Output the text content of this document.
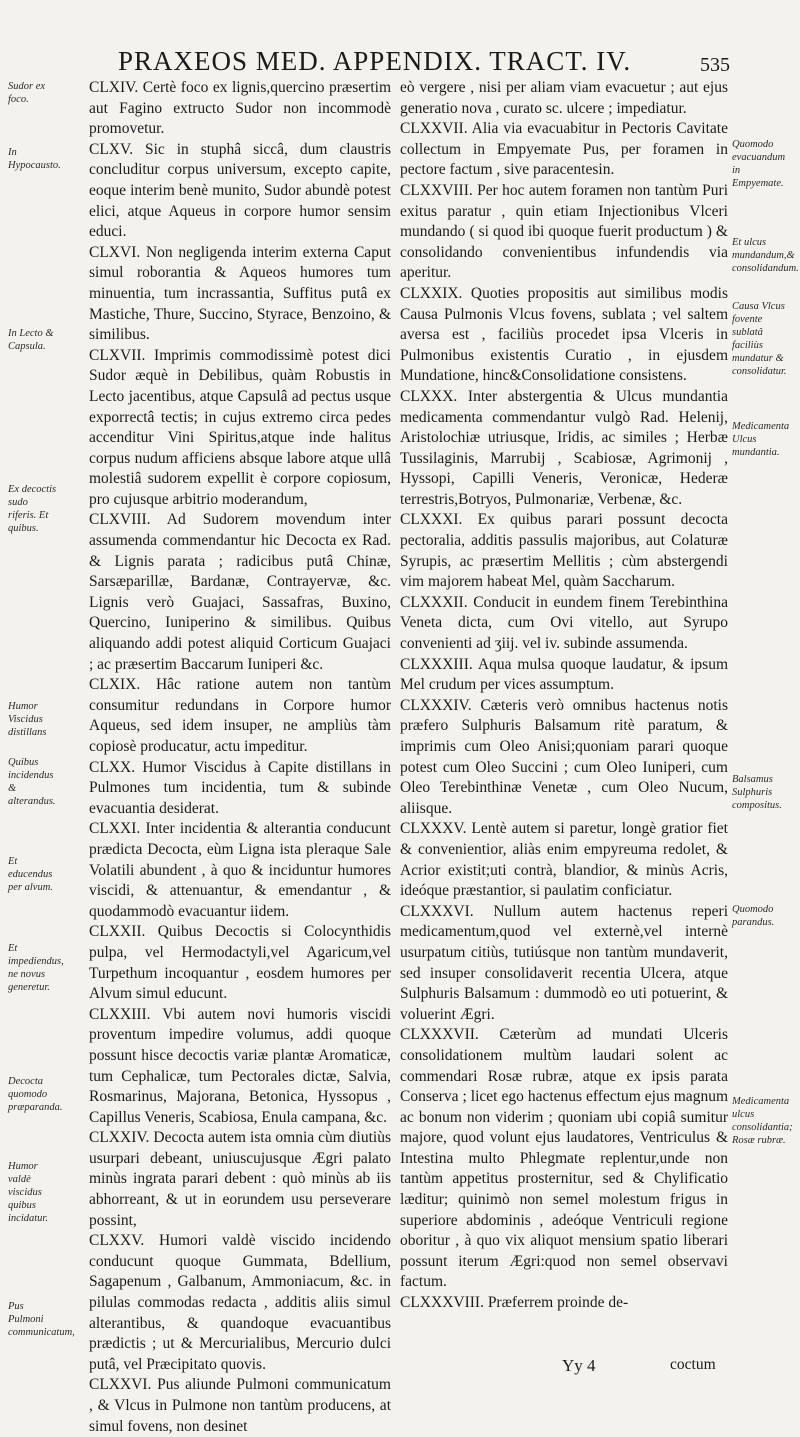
PRAXEOS MED. APPENDIX. TRACT. IV.	535
Sudor ex foco.
In Hypocausto.
In Lecto & Capsula.
Ex decoctis sudo riferis. Et quibus.
Humor Viscidus distillans
Quibus incidendus & alterandus.
Et educendus per alvum.
Et impediendus, ne novus generetur.
Decocta quomodo præparanda.
Humor valdè viscidus quibus incidatur.
Pus Pulmoni communicatum,
Quomodo evacuandum in Empyemate.
Et ulcus mundandum,& consolidandum.
Causa Vlcus fovente sublatâ faciliùs mundatur & consolidatur.
Medicamenta Ulcus mundantia.
Balsamus Sulphuris compositus.
Quomodo parandus.
Medicamenta ulcus consolidantia; Rosæ rubræ.

CLXIV. Certè foco ex lignis,quercino præsertim aut Fagino extructo Sudor non incommodè promovetur.

CLXV. Sic in stuphâ siccâ, dum claustris concluditur corpus universum, excepto capite, eoque interim benè munito, Sudor abundè potest elici, atque Aqueus in corpore humor sensim educi.

CLXVI. Non negligenda interim externa Caput simul roborantia & Aqueos humores tum minuentia, tum incrassantia, Suffitus putâ ex Mastiche, Thure, Succino, Styrace, Benzoino, & similibus.

CLXVII. Imprimis commodissimè potest dici Sudor æquè in Debilibus, quàm Robustis in Lecto jacentibus, atque Capsulâ ad pectus usque exporrectâ tectis; in cujus extremo circa pedes accenditur Vini Spiritus,atque inde halitus corpus nudum afficiens absque labore atque ullâ molestiâ sudorem expellit è corpore copiosum, pro cujusque arbitrio moderandum,

CLXVIII. Ad Sudorem movendum inter assumenda commendantur hic Decocta ex Rad. & Lignis parata ; radicibus putâ Chinæ, Sarsæparillæ, Bardanæ, Contrayervæ, &c. Lignis verò Guajaci, Sassafras, Buxino, Quercino, Iuniperino & similibus. Quibus aliquando addi potest aliquid Corticum Guajaci ; ac præsertim Baccarum Iuniperi &c.

CLXIX. Hâc ratione autem non tantùm consumitur redundans in Corpore humor Aqueus, sed idem insuper, ne ampliùs tàm copiosè producatur, actu impeditur.

CLXX. Humor Viscidus à Capite distillans in Pulmones tum incidentia, tum & subinde evacuantia desiderat.

CLXXI. Inter incidentia & alterantia conducunt prædicta Decocta, eùm Ligna ista pleraque Sale Volatili abundent , à quo & inciduntur humores viscidi, & attenuantur, & emendantur , & quodammodò evacuantur iidem.

CLXXII. Quibus Decoctis si Colocynthidis pulpa, vel Hermodactyli,vel Agaricum,vel Turpethum incoquantur , eosdem humores per Alvum simul educunt.

CLXXIII. Vbi autem novi humoris viscidi proventum impedire volumus, addi quoque possunt hisce decoctis variæ plantæ Aromaticæ, tum Cephalicæ, tum Pectorales dictæ, Salvia, Rosmarinus, Majorana, Betonica, Hyssopus , Capillus Veneris, Scabiosa, Enula campana, &c.

CLXXIV. Decocta autem ista omnia cùm diutiùs usurpari debeant, uniuscujusque Ægri palato minùs ingrata parari debent : quò minùs ab iis abhorreant, & ut in eorundem usu perseverare possint,

CLXXV. Humori valdè viscido incidendo conducunt quoque Gummata, Bdellium, Sagapenum , Galbanum, Ammoniacum, &c. in pilulas commodas redacta , additis aliis simul alterantibus, & quandoque evacuantibus prædictis ; ut & Mercurialibus, Mercurio dulci putâ, vel Præcipitato quovis.

CLXXVI. Pus aliunde Pulmoni communicatum , & Vlcus in Pulmone non tantùm producens, at simul fovens, non desinet

eò vergere , nisi per aliam viam evacuetur ; aut ejus generatio nova , curato sc. ulcere ; impediatur.

CLXXVII. Alia via evacuabitur in Pectoris Cavitate collectum in Empyemate Pus, per foramen in pectore factum , sive paracentesin.

CLXXVIII. Per hoc autem foramen non tantùm Puri exitus paratur , quin etiam Injectionibus Vlceri mundando ( si quod ibi quoque fuerit productum ) & consolidando convenientibus infundendis via aperitur.

CLXXIX. Quoties propositis aut similibus modis Causa Pulmonis Vlcus fovens, sublata ; vel saltem aversa est , faciliùs procedet ipsa Vlceris in Pulmonibus existentis Curatio , in ejusdem Mundatione, hinc&Consolidatione consistens.

CLXXX. Inter abstergentia & Ulcus mundantia medicamenta commendantur vulgò Rad. Helenij, Aristolochiæ utriusque, Iridis, ac similes ; Herbæ Tussilaginis, Marrubij , Scabiosæ, Agrimonij , Hyssopi, Capilli Veneris, Veronicæ, Hederæ terrestris,Botryos, Pulmonariæ, Verbenæ, &c.

CLXXXI. Ex quibus parari possunt decocta pectoralia, additis passulis majoribus, aut Colaturæ Syrupis, ac præsertim Mellitis ; cùm abstergendi vim majorem habeat Mel, quàm Saccharum.

CLXXXII. Conducit in eundem finem Terebinthina Veneta dicta, cum Ovi vitello, aut Syrupo convenienti ad ʒiij. vel iv. subinde assumenda.

CLXXXIII. Aqua mulsa quoque laudatur, & ipsum Mel crudum per vices assumptum.

CLXXXIV. Cæteris verò omnibus hactenus notis præfero Sulphuris Balsamum ritè paratum, & imprimis cum Oleo Anisi;quoniam parari quoque potest cum Oleo Succini ; cum Oleo Iuniperi, cum Oleo Terebinthinæ Venetæ , cum Oleo Nucum, aliisque.

CLXXXV. Lentè autem si paretur, longè gratior fiet & convenientior, aliàs enim empyreuma redolet, & Acrior existit;uti contrà, blandior, & minùs Acris, ideóque præstantior, si paulatim conficiatur.

CLXXXVI. Nullum autem hactenus reperi medicamentum,quod vel externè,vel internè usurpatum citiùs, tutiúsque non tantùm mundaverit, sed insuper consolidaverit recentia Ulcera, atque Sulphuris Balsamum : dummodò eo uti potuerint, & voluerint Ægri.

CLXXXVII. Cæterùm ad mundati Ulceris consolidationem multùm laudari solent ac commendari Rosæ rubræ, atque ex ipsis parata Conserva ; licet ego hactenus effectum ejus magnum ac bonum non viderim ; quoniam ubi copiâ sumitur majore, quod volunt ejus laudatores, Ventriculus & Intestina multo Phlegmate replentur,unde non tantùm appetitus prosternitur, sed & Chylificatio læditur; quinimò non semel molestum frigus in superiore abdominis , adeóque Ventriculi regione oboritur , à quo vix aliquot mensium spatio liberari possunt iterum Ægri:quod non semel observavi factum.

CLXXXVIII. Præferrem proinde de-

Yy 4	coctum
